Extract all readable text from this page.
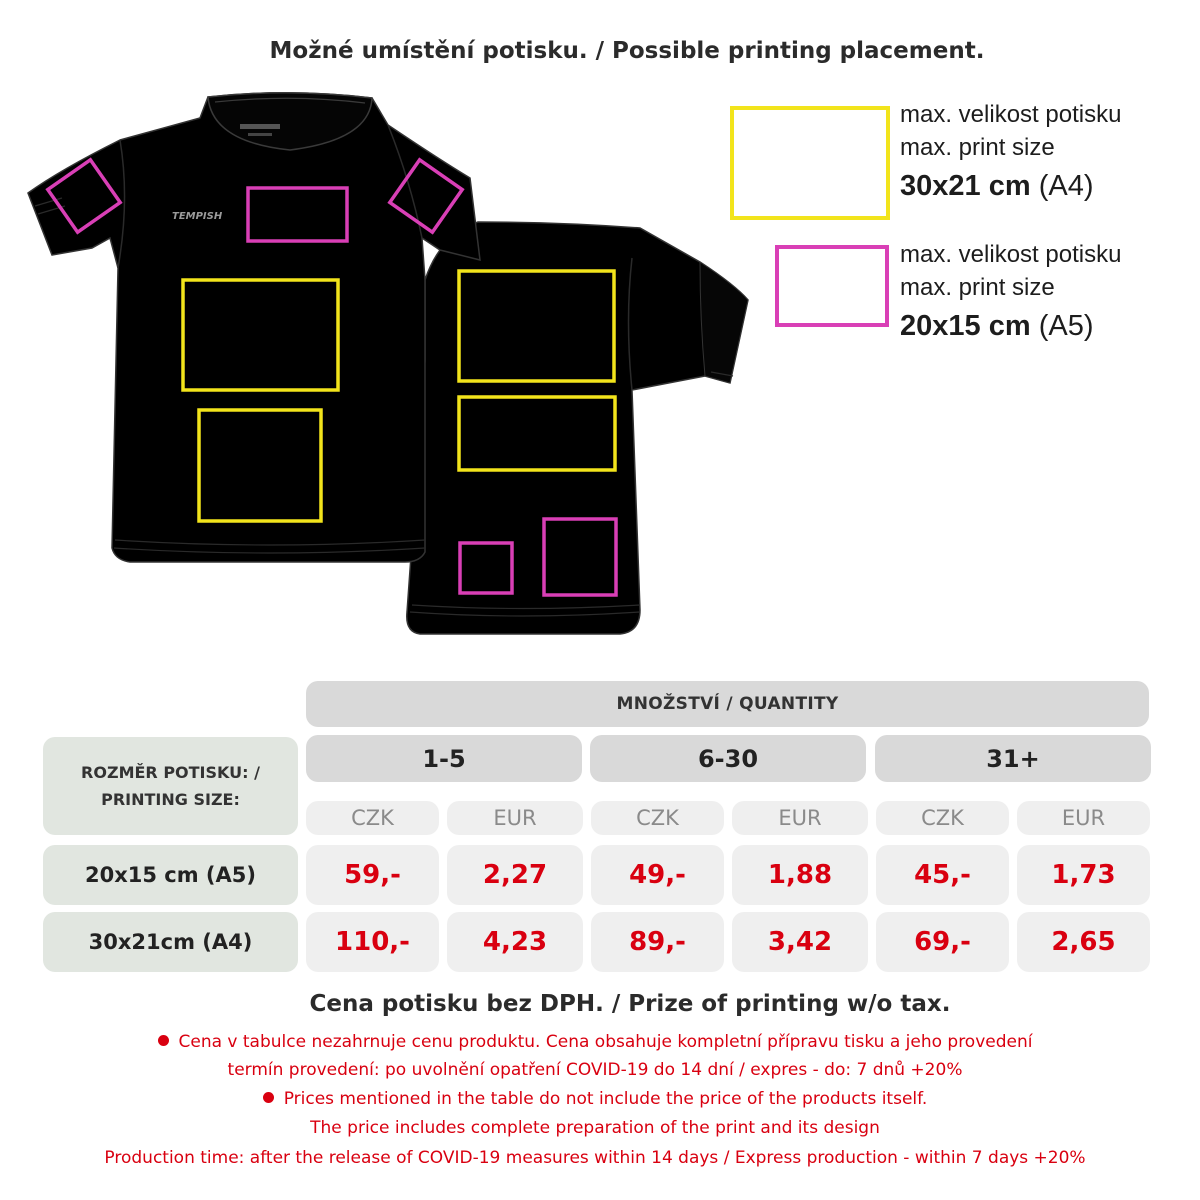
Možné umístění potisku. / Possible printing placement.
TEMPISH
max. velikost potisku
max. print size
30x21 cm (A4)
max. velikost potisku
max. print size
20x15 cm (A5)
MNOŽSTVÍ / QUANTITY
ROZMĚR POTISKU: /
PRINTING SIZE:
1-5	6-30	31+
CZK	EUR	CZK	EUR	CZK	EUR
20x15 cm (A5)	59,-	2,27	49,-	1,88	45,-	1,73
30x21cm (A4)	110,-	4,23	89,-	3,42	69,-	2,65
Cena potisku bez DPH. / Prize of printing w/o tax.
Cena v tabulce nezahrnuje cenu produktu. Cena obsahuje kompletní přípravu tisku a jeho provedení
termín provedení: po uvolnění opatření COVID-19 do 14 dní / expres - do: 7 dnů +20%
Prices mentioned in the table do not include the price of the products itself.
The price includes complete preparation of the print and its design
Production time: after the release of COVID-19 measures within 14 days / Express production - within 7 days +20%
